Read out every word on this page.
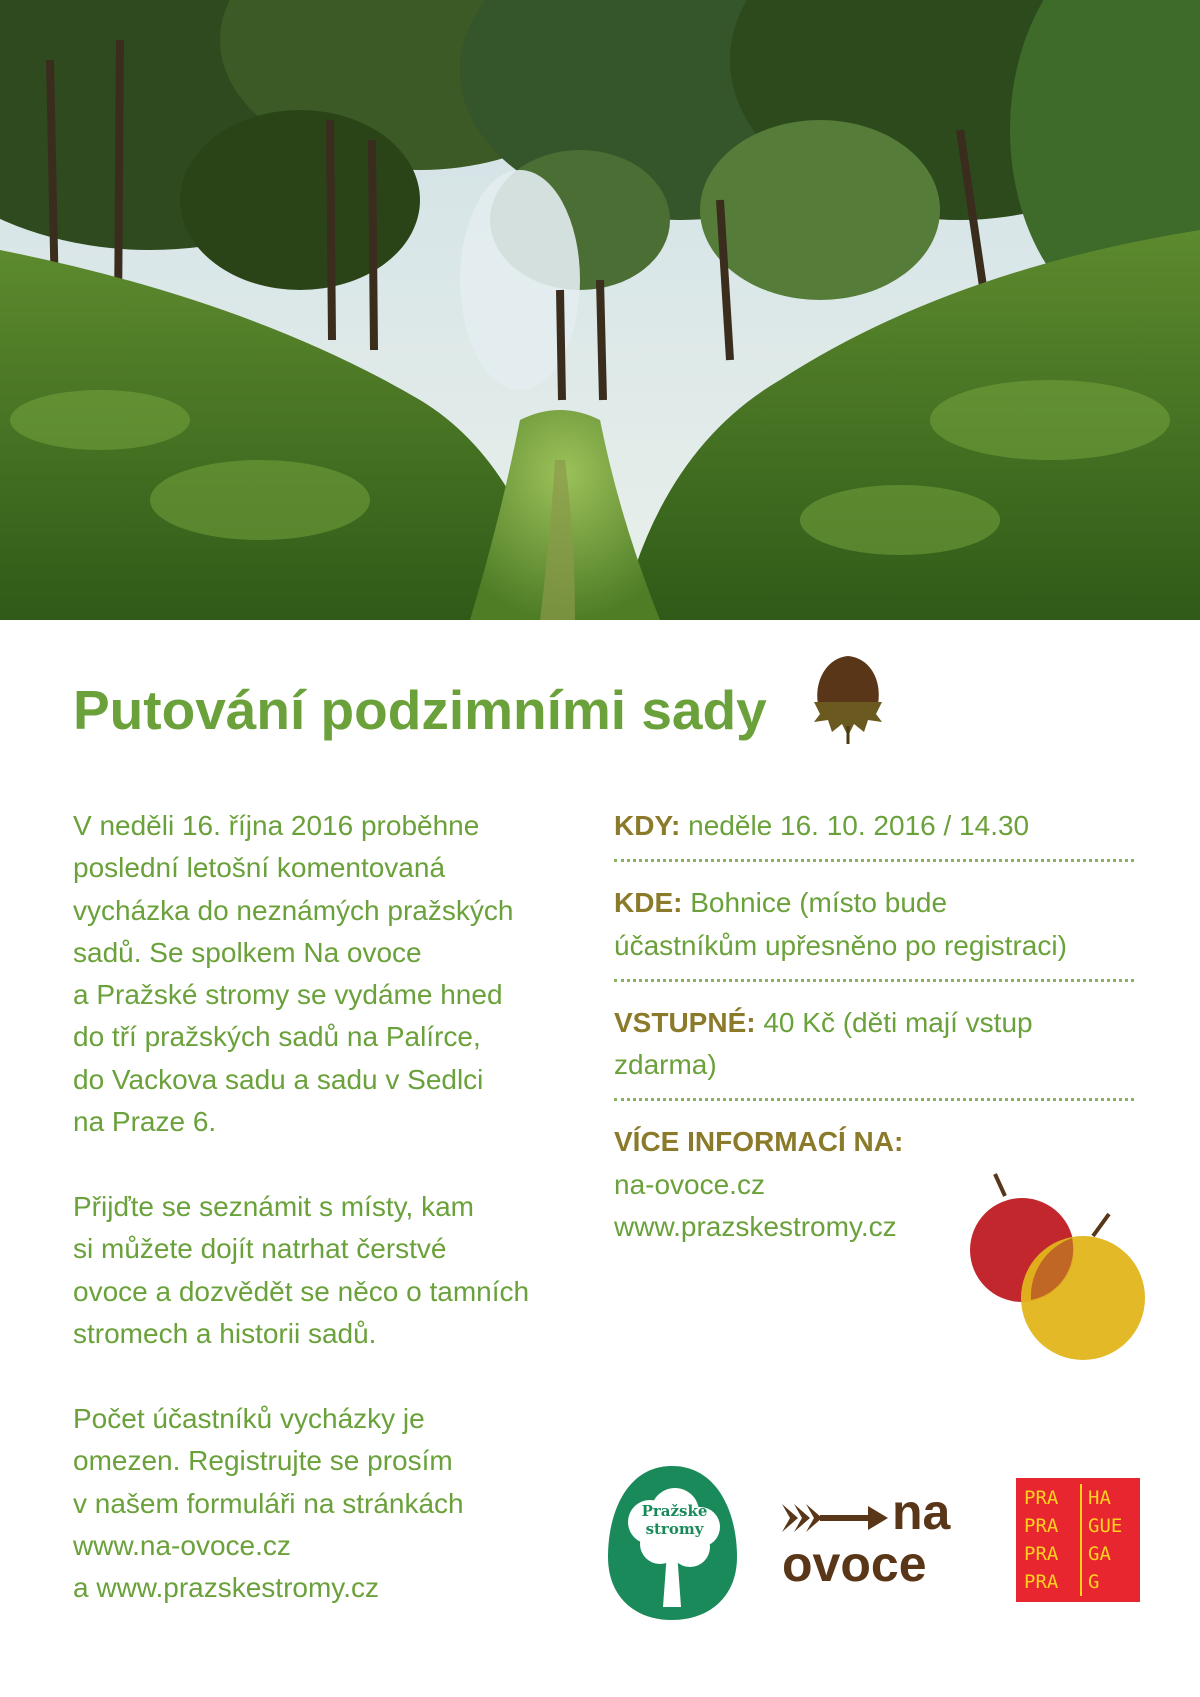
Putování podzimními sady

V neděli 16. října 2016 proběhne
poslední letošní komentovaná
vycházka do neznámých pražských
sadů. Se spolkem Na ovoce
a Pražské stromy se vydáme hned
do tří pražských sadů na Palírce,
do Vackova sadu a sadu v Sedlci
na Praze 6.

Přijďte se seznámit s místy, kam
si můžete dojít natrhat čerstvé
ovoce a dozvědět se něco o tamních
stromech a historii sadů.

Počet účastníků vycházky je
omezen. Registrujte se prosím
v našem formuláři na stránkách
www.na-ovoce.cz
a www.prazskestromy.cz

KDY: neděle 16. 10. 2016 / 14.30

KDE: Bohnice (místo bude

účastníkům upřesněno po registraci)

VSTUPNÉ: 40 Kč (děti mají vstup

zdarma)

VÍCE INFORMACÍ NA:

na-ovoce.cz

www.prazskestromy.cz

Pražské
stromy	na
ovoce
PRA	HA
PRA	GUE
PRA	GA
PRA	G
